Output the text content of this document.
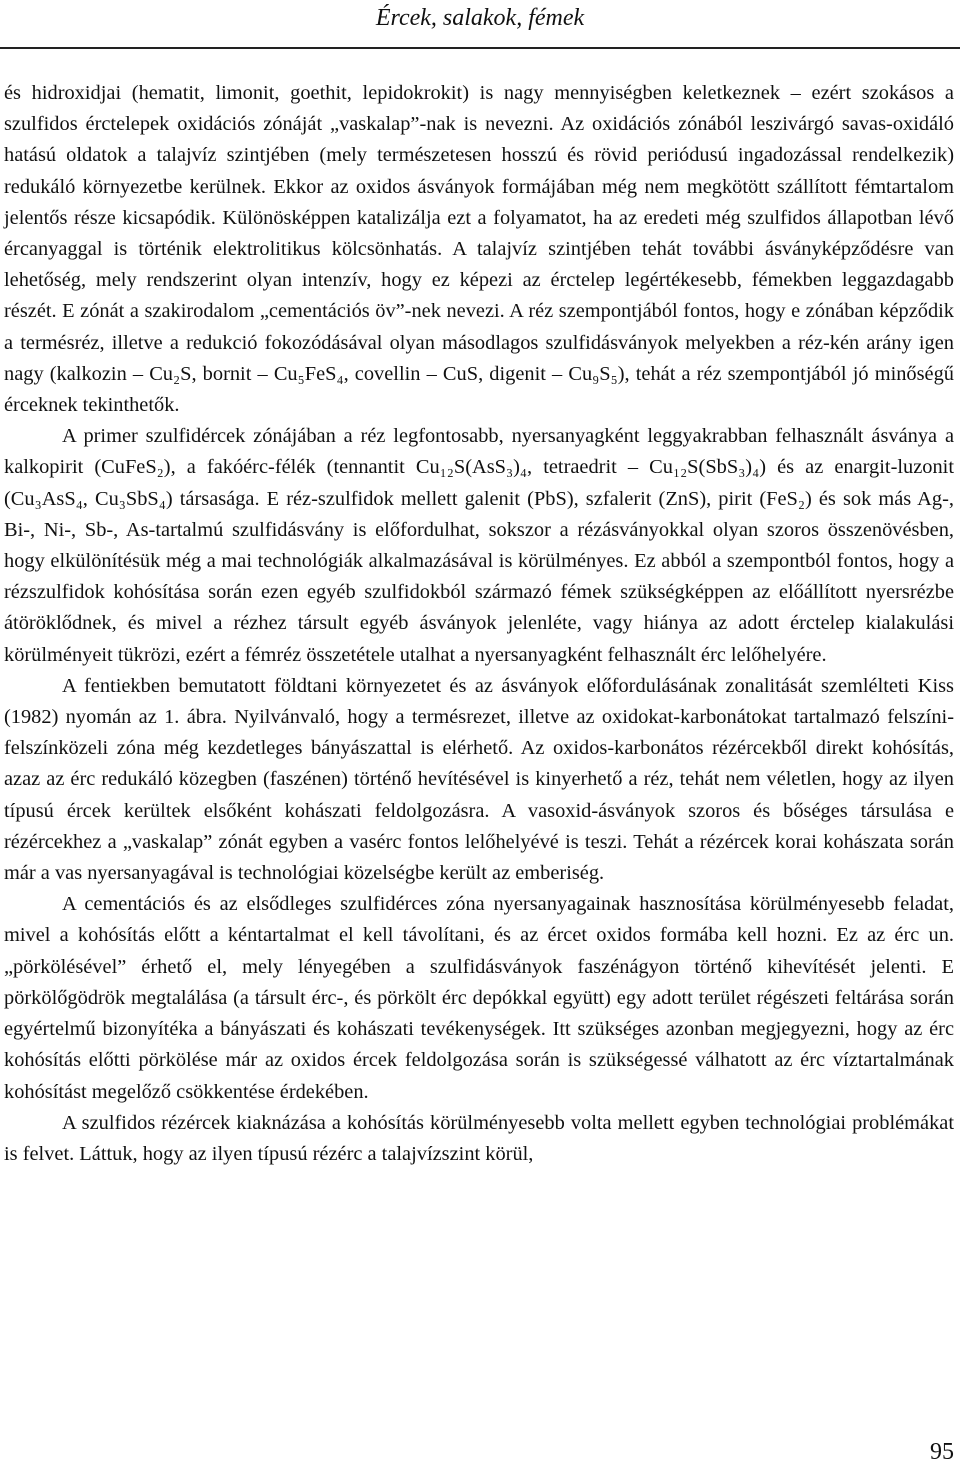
Ércek, salakok, fémek

és hidroxidjai (hematit, limonit, goethit, lepidokrokit) is nagy mennyiségben keletkeznek – ezért szokásos a szulfidos érctelepek oxidációs zónáját „vaskalap”-nak is nevezni. Az oxidációs zónából leszivárgó savas-oxidáló hatású oldatok a talajvíz szintjében (mely természetesen hosszú és rövid periódusú ingadozással rendelkezik) redukáló környezetbe kerülnek. Ekkor az oxidos ásványok formájában még nem megkötött szállított fémtartalom jelentős része kicsapódik. Különösképpen katalizálja ezt a folyamatot, ha az eredeti még szulfidos állapotban lévő ércanyaggal is történik elektrolitikus kölcsönhatás. A talajvíz szintjében tehát további ásványképződésre van lehetőség, mely rendszerint olyan intenzív, hogy ez képezi az érctelep legértékesebb, fémekben leggazdagabb részét. E zónát a szakirodalom „cementációs öv”-nek nevezi. A réz szempontjából fontos, hogy e zónában képződik a termésréz, illetve a redukció fokozódásával olyan másodlagos szulfidásványok melyekben a réz-kén arány igen nagy (kalkozin – Cu₂S, bornit – Cu₅FeS₄, covellin – CuS, digenit – Cu₉S₅), tehát a réz szempontjából jó minőségű érceknek tekinthetők.

A primer szulfidércek zónájában a réz legfontosabb, nyersanyagként leggyakrabban felhasznált ásványa a kalkopirit (CuFeS₂), a fakóérc-félék (tennantit Cu₁₂S(AsS₃)₄, tetraedrit – Cu₁₂S(SbS₃)₄) és az enargit-luzonit (Cu₃AsS₄, Cu₃SbS₄) társasága. E réz-szulfidok mellett galenit (PbS), szfalerit (ZnS), pirit (FeS₂) és sok más Ag-, Bi-, Ni-, Sb-, As-tartalmú szulfidásvány is előfordulhat, sokszor a rézásványokkal olyan szoros összenövésben, hogy elkülönítésük még a mai technológiák alkalmazásával is körülményes. Ez abból a szempontból fontos, hogy a rézszulfidok kohósítása során ezen egyéb szulfidokból származó fémek szükségképpen az előállított nyersrézbe átöröklődnek, és mivel a rézhez társult egyéb ásványok jelenléte, vagy hiánya az adott érctelep kialakulási körülményeit tükrözi, ezért a fémréz összetétele utalhat a nyersanyagként felhasznált érc lelőhelyére.

A fentiekben bemutatott földtani környezetet és az ásványok előfordulásának zonalitását szemlélteti Kiss (1982) nyomán az 1. ábra. Nyilvánvaló, hogy a termésrezet, illetve az oxidokat-karbonátokat tartalmazó felszíni-felszínközeli zóna még kezdetleges bányászattal is elérhető. Az oxidos-karbonátos rézércekből direkt kohósítás, azaz az érc redukáló közegben (faszénen) történő hevítésével is kinyerhető a réz, tehát nem véletlen, hogy az ilyen típusú ércek kerültek elsőként kohászati feldolgozásra. A vasoxid-ásványok szoros és bőséges társulása e rézércekhez a „vaskalap” zónát egyben a vasérc fontos lelőhelyévé is teszi. Tehát a rézércek korai kohászata során már a vas nyersanyagával is technológiai közelségbe került az emberiség.

A cementációs és az elsődleges szulfidérces zóna nyersanyagainak hasznosítása körülményesebb feladat, mivel a kohósítás előtt a kéntartalmat el kell távolítani, és az ércet oxidos formába kell hozni. Ez az érc un. „pörkölésével” érhető el, mely lényegében a szulfidásványok faszénágyon történő kihevítését jelenti. E pörkölőgödrök megtalálása (a társult érc-, és pörkölt érc depókkal együtt) egy adott terület régészeti feltárása során egyértelmű bizonyítéka a bányászati és kohászati tevékenységek. Itt szükséges azonban megjegyezni, hogy az érc kohósítás előtti pörkölése már az oxidos ércek feldolgozása során is szükségessé válhatott az érc víztartalmának kohósítást megelőző csökkentése érdekében.

A szulfidos rézércek kiaknázása a kohósítás körülményesebb volta mellett egyben technológiai problémákat is felvet. Láttuk, hogy az ilyen típusú rézérc a talajvízszint körül,

95
